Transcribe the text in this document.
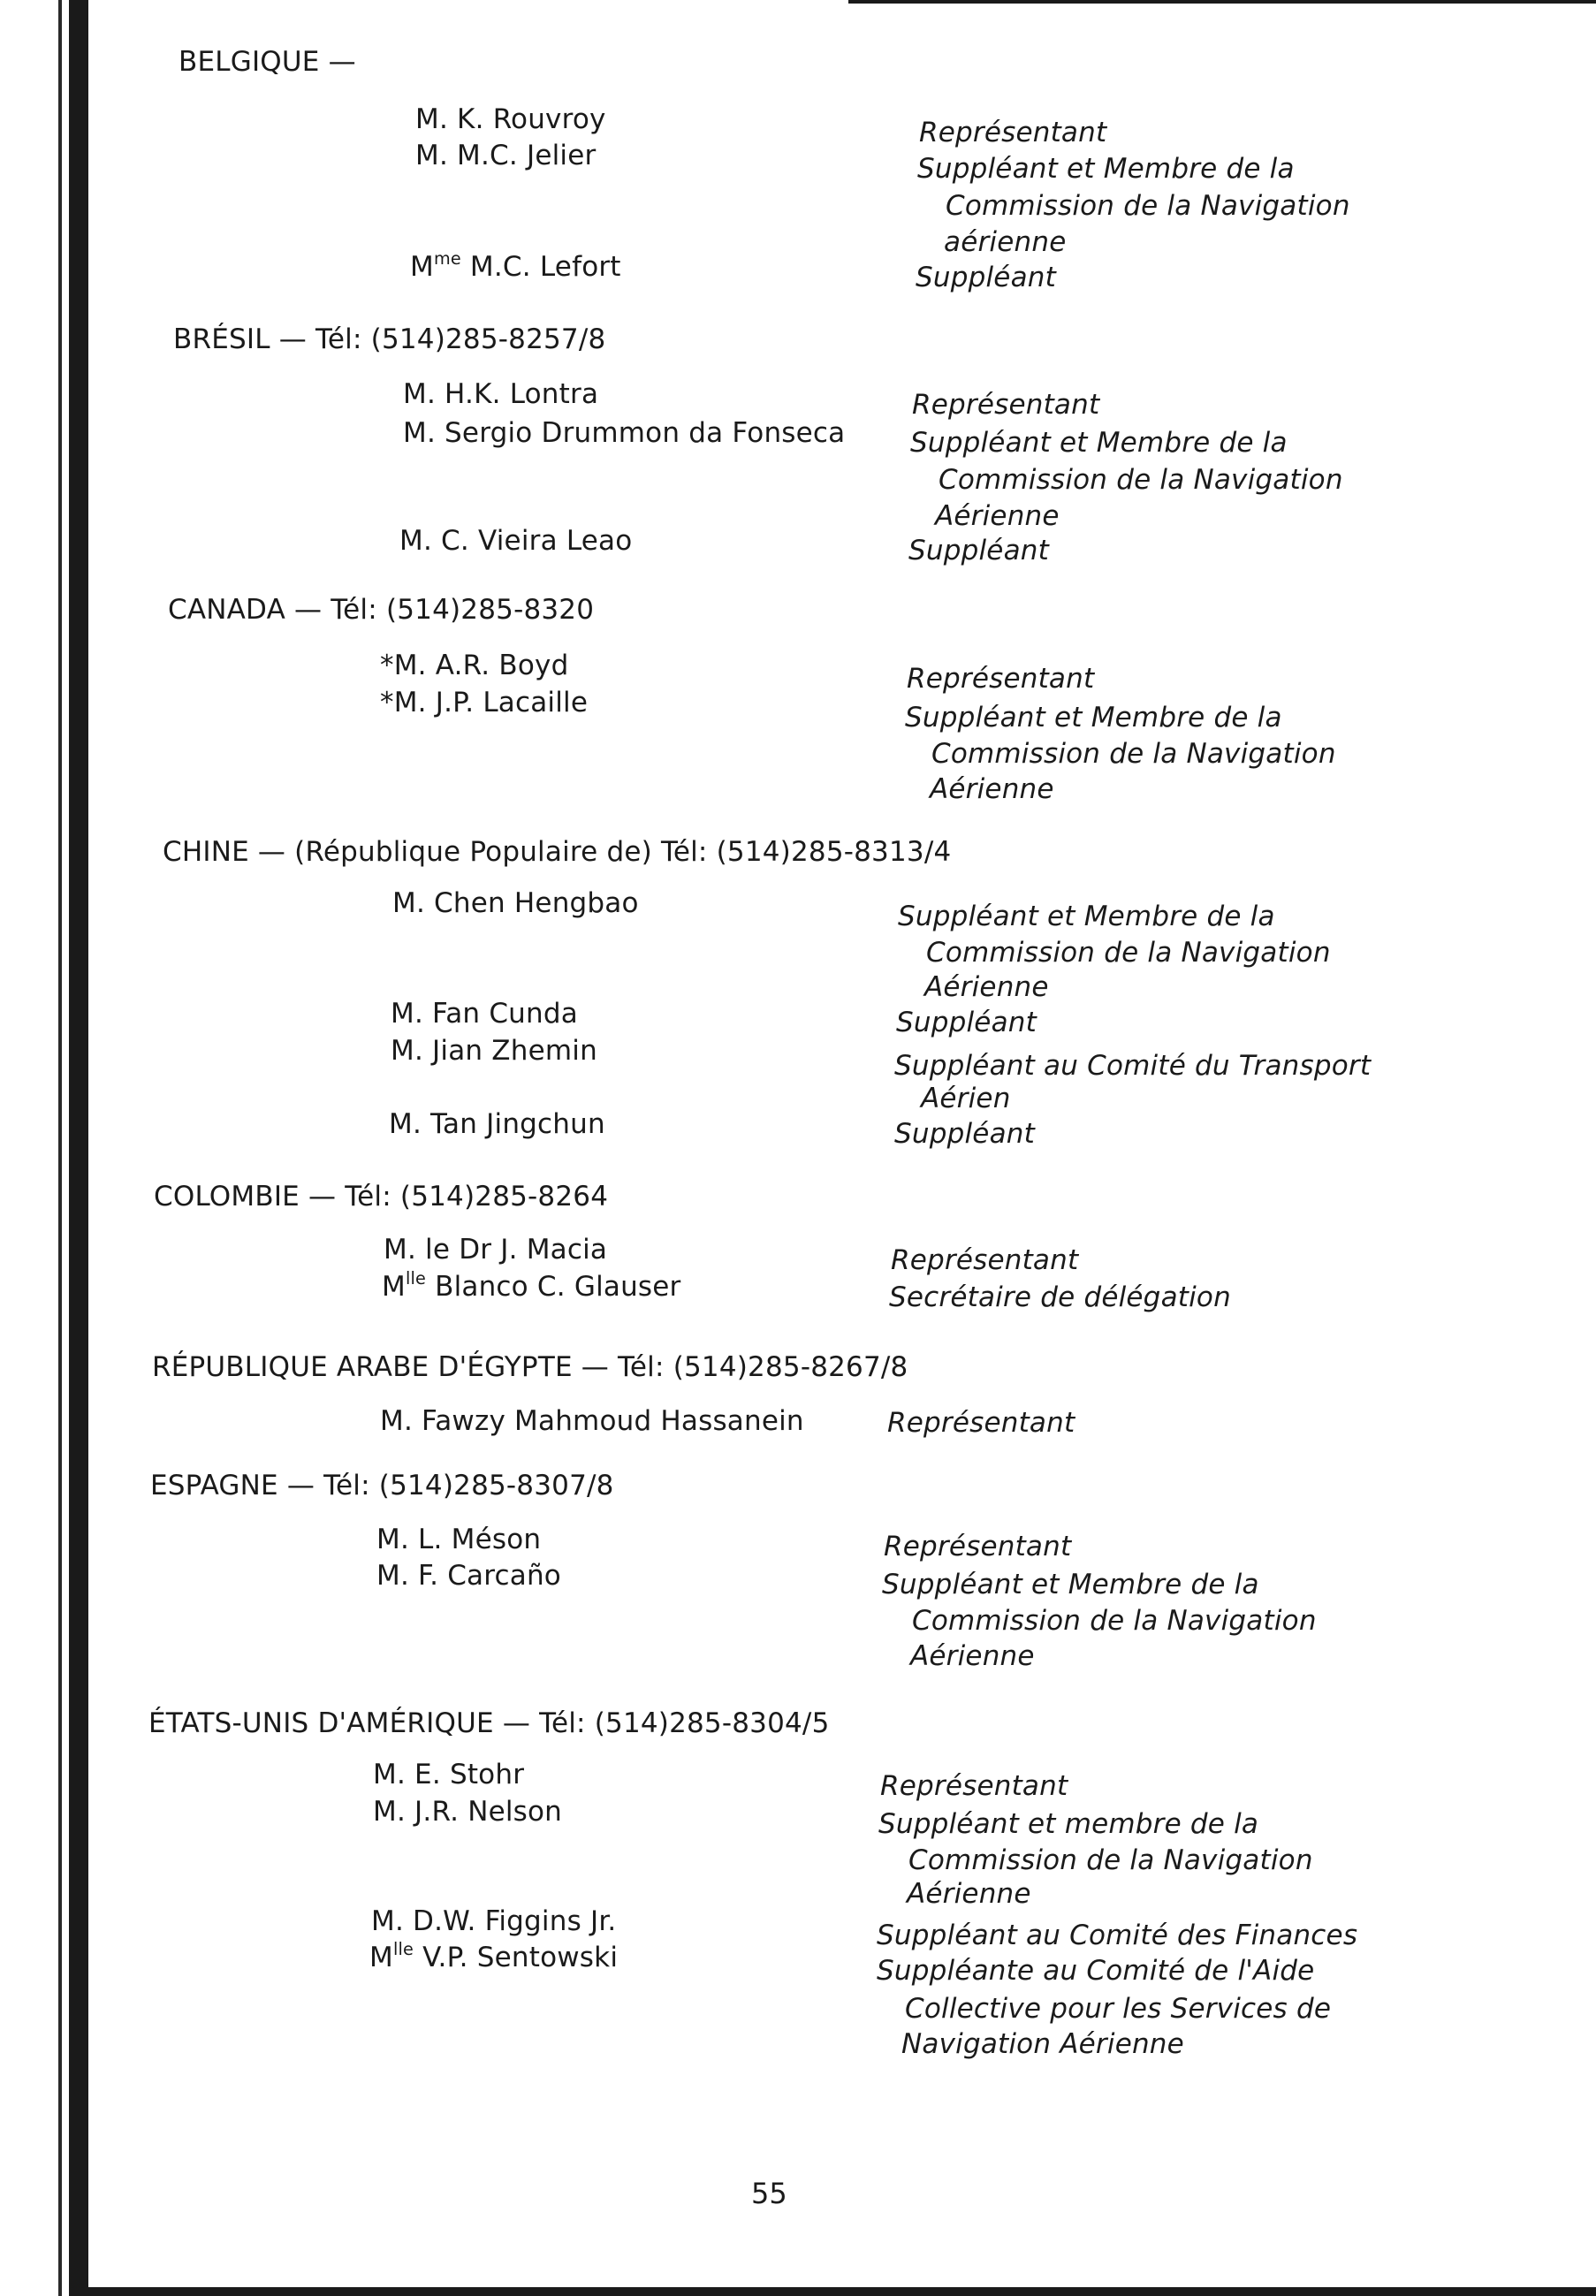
BELGIQUE —
M. K. Rouvroy
M. M.C. Jelier
$M^{me}$ M.C. Lefort
Représentant
Suppléant et Membre de la
Commission de la Navigation
aérienne
Suppléant
BRÉSIL — Tél: (514)285-8257/8
M. H.K. Lontra
M. Sergio Drummon da Fonseca
M. C. Vieira Leao
Représentant
Suppléant et Membre de la
Commission de la Navigation
Aérienne
Suppléant
CANADA — Tél: (514)285-8320
*M. A.R. Boyd
*M. J.P. Lacaille
Représentant
Suppléant et Membre de la
Commission de la Navigation
Aérienne
CHINE — (République Populaire de) Tél: (514)285-8313/4
M. Chen Hengbao
M. Fan Cunda
M. Jian Zhemin
M. Tan Jingchun
Suppléant et Membre de la
Commission de la Navigation
Aérienne
Suppléant
Suppléant au Comité du Transport
Aérien
Suppléant
COLOMBIE — Tél: (514)285-8264
M. le Dr J. Macia
$M^{lle}$ Blanco C. Glauser
Représentant
Secrétaire de délégation
RÉPUBLIQUE ARABE D'ÉGYPTE — Tél: (514)285-8267/8
M. Fawzy Mahmoud Hassanein	Représentant
ESPAGNE — Tél: (514)285-8307/8
M. L. Méson
M. F. Carcaño
Représentant
Suppléant et Membre de la
Commission de la Navigation
Aérienne
ÉTATS-UNIS D'AMÉRIQUE — Tél: (514)285-8304/5
M. E. Stohr
M. J.R. Nelson
M. D.W. Figgins Jr.
$M^{lle}$ V.P. Sentowski
Représentant
Suppléant et membre de la
Commission de la Navigation
Aérienne
Suppléant au Comité des Finances
Suppléante au Comité de l'Aide
Collective pour les Services de
Navigation Aérienne
55
